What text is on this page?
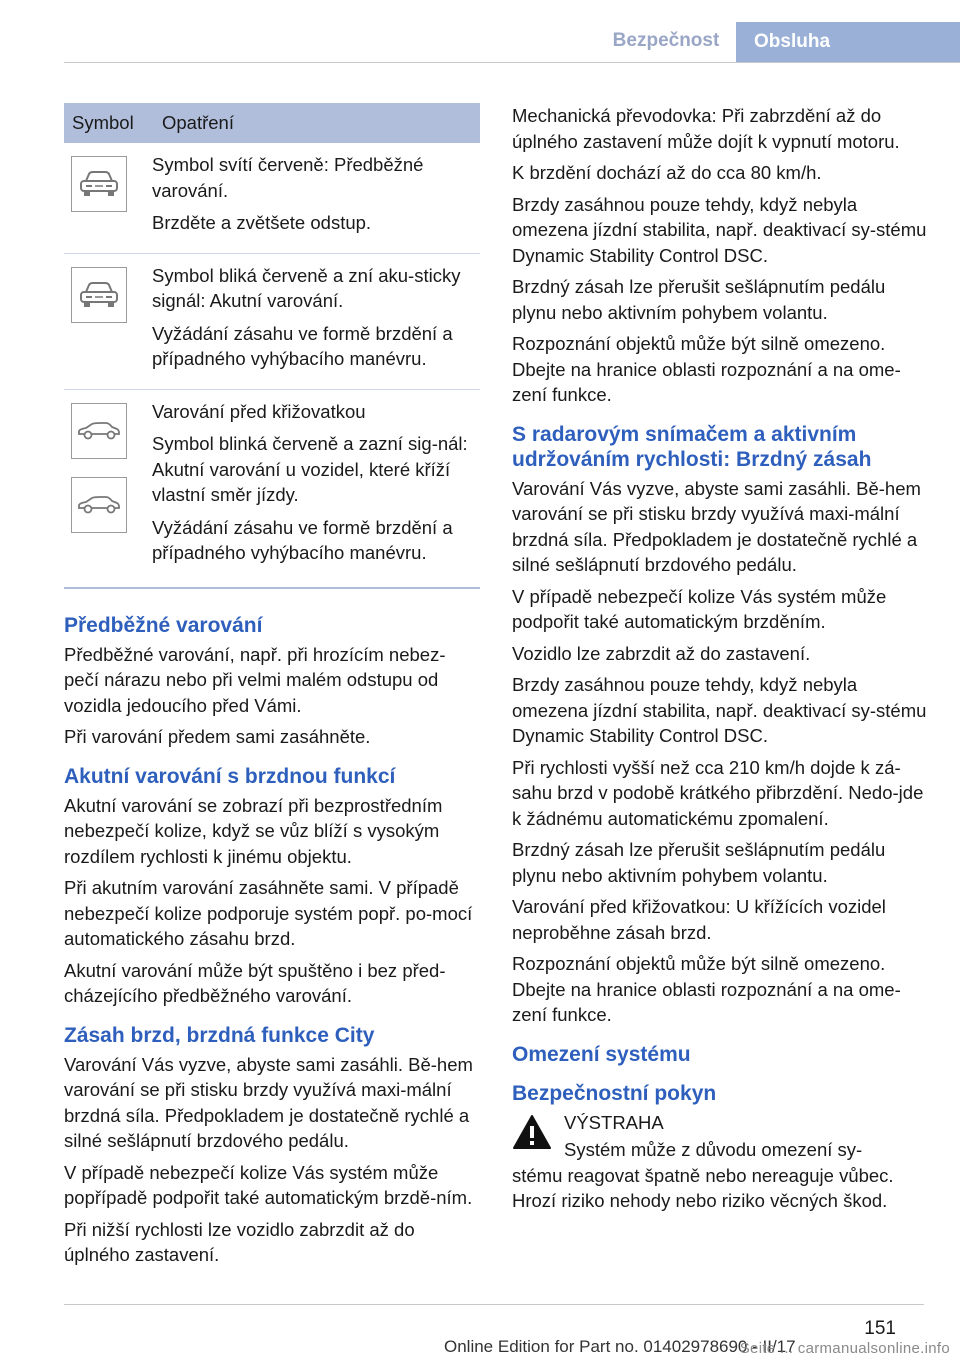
Bezpečnost	Obsluha
Symbol	Opatření

Symbol svítí červeně: Předběžné varování.

Brzděte a zvětšete odstup.

Symbol bliká červeně a zní aku-sticky signál: Akutní varování.

Vyžádání zásahu ve formě brzdění a případného vyhýbacího manévru.

Varování před křižovatkou

Symbol blinká červeně a zazní sig-nál: Akutní varování u vozidel, které kříží vlastní směr jízdy.

Vyžádání zásahu ve formě brzdění a případného vyhýbacího manévru.

Předběžné varování

Předběžné varování, např. při hrozícím nebez-pečí nárazu nebo při velmi malém odstupu od vozidla jedoucího před Vámi.

Při varování předem sami zasáhněte.

Akutní varování s brzdnou funkcí

Akutní varování se zobrazí při bezprostředním nebezpečí kolize, když se vůz blíží s vysokým rozdílem rychlosti k jinému objektu.

Při akutním varování zasáhněte sami. V případě nebezpečí kolize podporuje systém popř. po-mocí automatického zásahu brzd.

Akutní varování může být spuštěno i bez před-cházejícího předběžného varování.

Zásah brzd, brzdná funkce City

Varování Vás vyzve, abyste sami zasáhli. Bě-hem varování se při stisku brzdy využívá maxi-mální brzdná síla. Předpokladem je dostatečně rychlé a silné sešlápnutí brzdového pedálu.

V případě nebezpečí kolize Vás systém může popřípadě podpořit také automatickým brzdě-ním.

Při nižší rychlosti lze vozidlo zabrzdit až do úplného zastavení.

Mechanická převodovka: Při zabrzdění až do úplného zastavení může dojít k vypnutí motoru.

K brzdění dochází až do cca 80 km/h.

Brzdy zasáhnou pouze tehdy, když nebyla omezena jízdní stabilita, např. deaktivací sy-stému Dynamic Stability Control DSC.

Brzdný zásah lze přerušit sešlápnutím pedálu plynu nebo aktivním pohybem volantu.

Rozpoznání objektů může být silně omezeno. Dbejte na hranice oblasti rozpoznání a na ome-zení funkce.

S radarovým snímačem a aktivním udržováním rychlosti: Brzdný zásah

Varování Vás vyzve, abyste sami zasáhli. Bě-hem varování se při stisku brzdy využívá maxi-mální brzdná síla. Předpokladem je dostatečně rychlé a silné sešlápnutí brzdového pedálu.

V případě nebezpečí kolize Vás systém může podpořit také automatickým brzděním.

Vozidlo lze zabrzdit až do zastavení.

Brzdy zasáhnou pouze tehdy, když nebyla omezena jízdní stabilita, např. deaktivací sy-stému Dynamic Stability Control DSC.

Při rychlosti vyšší než cca 210 km/h dojde k zá-sahu brzd v podobě krátkého přibrzdění. Nedo-jde k žádnému automatickému zpomalení.

Brzdný zásah lze přerušit sešlápnutím pedálu plynu nebo aktivním pohybem volantu.

Varování před křižovatkou: U křížících vozidel neproběhne zásah brzd.

Rozpoznání objektů může být silně omezeno. Dbejte na hranice oblasti rozpoznání a na ome-zení funkce.

Omezení systému
Bezpečnostní pokyn

VÝSTRAHA

Systém může z důvodu omezení sy-

stému reagovat špatně nebo nereaguje vůbec. Hrozí riziko nehody nebo riziko věcných škod.

151
Online Edition for Part no. 01402978690 - II/17
Seite ... carmanualsonline.info
